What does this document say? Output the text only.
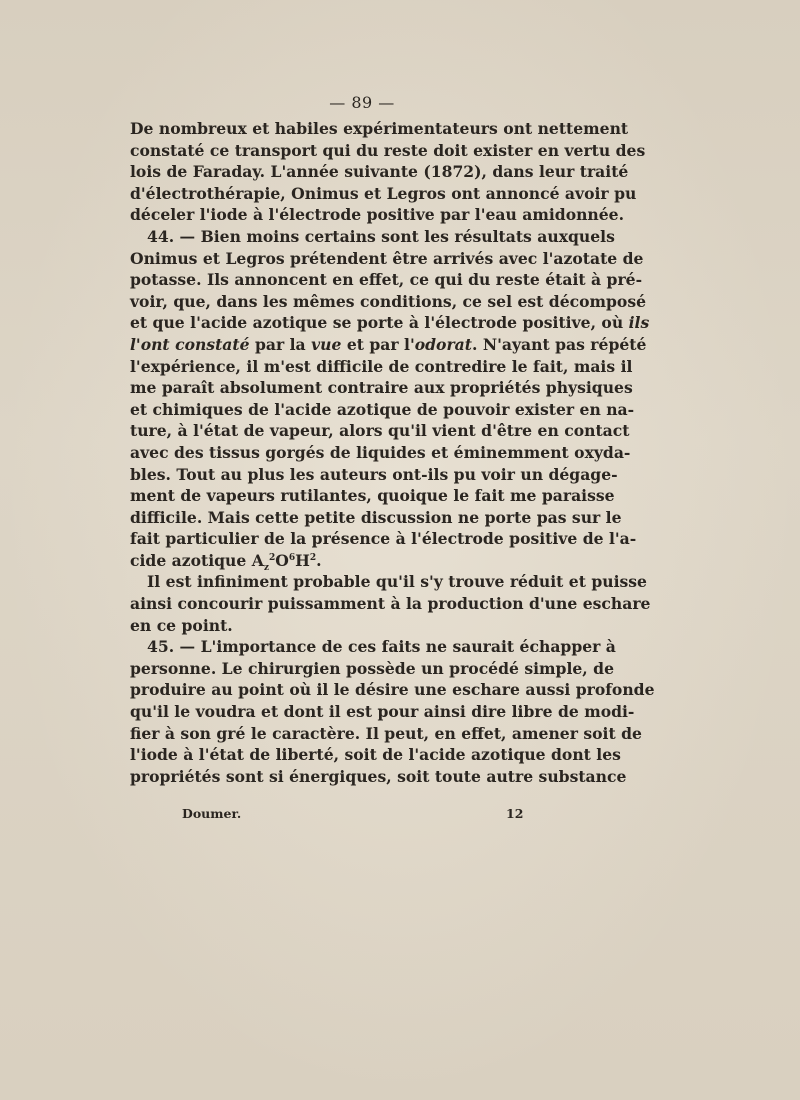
— 89 —
De nombreux et habiles expérimentateurs ont nettement
constaté ce transport qui du reste doit exister en vertu des
lois de Faraday. L'année suivante (1872), dans leur traité
d'électrothérapie, Onimus et Legros ont annoncé avoir pu
déceler l'iode à l'électrode positive par l'eau amidonnée.
44. — Bien moins certains sont les résultats auxquels
Onimus et Legros prétendent être arrivés avec l'azotate de
potasse. Ils annoncent en effet, ce qui du reste était à pré-
voir, que, dans les mêmes conditions, ce sel est décomposé
et que l'acide azotique se porte à l'électrode positive, où ils
l'ont constaté par la vue et par l'odorat. N'ayant pas répété
l'expérience, il m'est difficile de contredire le fait, mais il
me paraît absolument contraire aux propriétés physiques
et chimiques de l'acide azotique de pouvoir exister en na-
ture, à l'état de vapeur, alors qu'il vient d'être en contact
avec des tissus gorgés de liquides et éminemment oxyda-
bles. Tout au plus les auteurs ont-ils pu voir un dégage-
ment de vapeurs rutilantes, quoique le fait me paraisse
difficile. Mais cette petite discussion ne porte pas sur le
fait particulier de la présence à l'électrode positive de l'a-
cide azotique $A_z^2O^6H^2$.
Il est infiniment probable qu'il s'y trouve réduit et puisse
ainsi concourir puissamment à la production d'une eschare
en ce point.
45. — L'importance de ces faits ne saurait échapper à
personne. Le chirurgien possède un procédé simple, de
produire au point où il le désire une eschare aussi profonde
qu'il le voudra et dont il est pour ainsi dire libre de modi-
fier à son gré le caractère. Il peut, en effet, amener soit de
l'iode à l'état de liberté, soit de l'acide azotique dont les
propriétés sont si énergiques, soit toute autre substance
Doumer.	12
